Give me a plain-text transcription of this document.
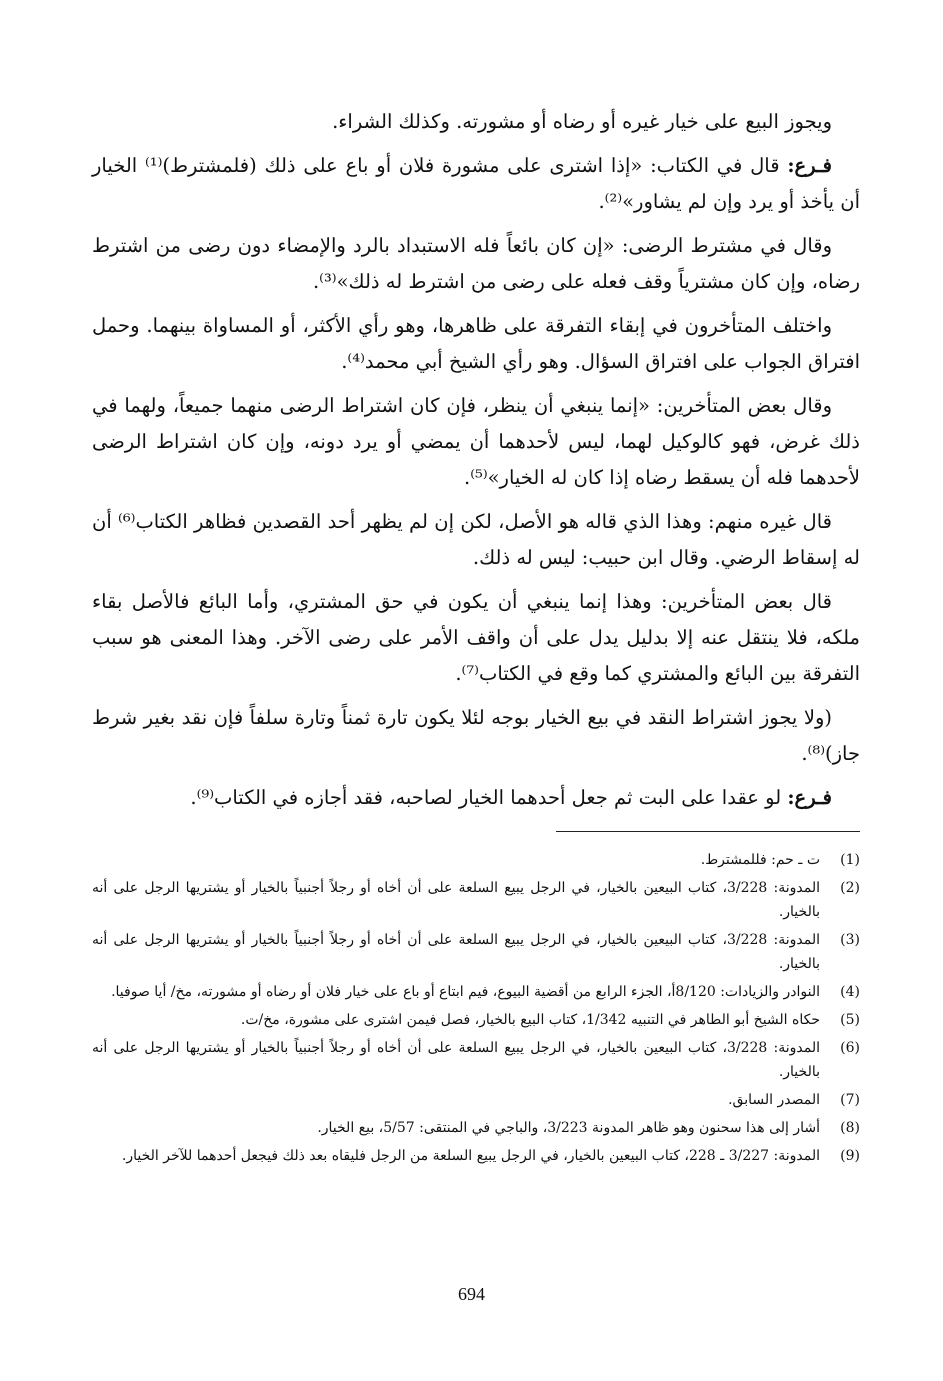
ويجوز البيع على خيار غيره أو رضاه أو مشورته. وكذلك الشراء.

فـرع: قال في الكتاب: «إذا اشترى على مشورة فلان أو باع على ذلك (فلمشترط)⁽¹⁾ الخيار أن يأخذ أو يرد وإن لم يشاور»⁽²⁾.

وقال في مشترط الرضى: «إن كان بائعاً فله الاستبداد بالرد والإمضاء دون رضى من اشترط رضاه، وإن كان مشترياً وقف فعله على رضى من اشترط له ذلك»⁽³⁾.

واختلف المتأخرون في إبقاء التفرقة على ظاهرها، وهو رأي الأكثر، أو المساواة بينهما. وحمل افتراق الجواب على افتراق السؤال. وهو رأي الشيخ أبي محمد⁽⁴⁾.

وقال بعض المتأخرين: «إنما ينبغي أن ينظر، فإن كان اشتراط الرضى منهما جميعاً، ولهما في ذلك غرض، فهو كالوكيل لهما، ليس لأحدهما أن يمضي أو يرد دونه، وإن كان اشتراط الرضى لأحدهما فله أن يسقط رضاه إذا كان له الخيار»⁽⁵⁾.

قال غيره منهم: وهذا الذي قاله هو الأصل، لكن إن لم يظهر أحد القصدين فظاهر الكتاب⁽⁶⁾ أن له إسقاط الرضي. وقال ابن حبيب: ليس له ذلك.

قال بعض المتأخرين: وهذا إنما ينبغي أن يكون في حق المشتري، وأما البائع فالأصل بقاء ملكه، فلا ينتقل عنه إلا بدليل يدل على أن واقف الأمر على رضى الآخر. وهذا المعنى هو سبب التفرقة بين البائع والمشتري كما وقع في الكتاب⁽⁷⁾.

(ولا يجوز اشتراط النقد في بيع الخيار بوجه لئلا يكون تارة ثمناً وتارة سلفاً فإن نقد بغير شرط جاز)⁽⁸⁾.

فـرع: لو عقدا على البت ثم جعل أحدهما الخيار لصاحبه، فقد أجازه في الكتاب⁽⁹⁾.

(1)
ت ـ حم: فللمشترط.
(2)
المدونة: 3/228، كتاب البيعين بالخيار، في الرجل يبيع السلعة على أن أخاه أو رجلاً أجنبياً بالخيار أو يشتريها الرجل على أنه بالخيار.
(3)
المدونة: 3/228، كتاب البيعين بالخيار، في الرجل يبيع السلعة على أن أخاه أو رجلاً أجنبياً بالخيار أو يشتريها الرجل على أنه بالخيار.
(4)
النوادر والزيادات: 8/120أ، الجزء الرابع من أقضية البيوع، فيم ابتاع أو باع على خيار فلان أو رضاه أو مشورته، مخ/ أيا صوفيا.
(5)
حكاه الشيخ أبو الطاهر في التنبيه 1/342، كتاب البيع بالخيار، فصل فيمن اشترى على مشورة، مخ/ت.
(6)
المدونة: 3/228، كتاب البيعين بالخيار، في الرجل يبيع السلعة على أن أخاه أو رجلاً أجنبياً بالخيار أو يشتريها الرجل على أنه بالخيار.
(7)
المصدر السابق.
(8)
أشار إلى هذا سحنون وهو ظاهر المدونة 3/223، والباجي في المنتقى: 5/57، بيع الخيار.
(9)
المدونة: 3/227 ـ 228، كتاب البيعين بالخيار، في الرجل يبيع السلعة من الرجل فليقاه بعد ذلك فيجعل أحدهما للآخر الخيار.
694
